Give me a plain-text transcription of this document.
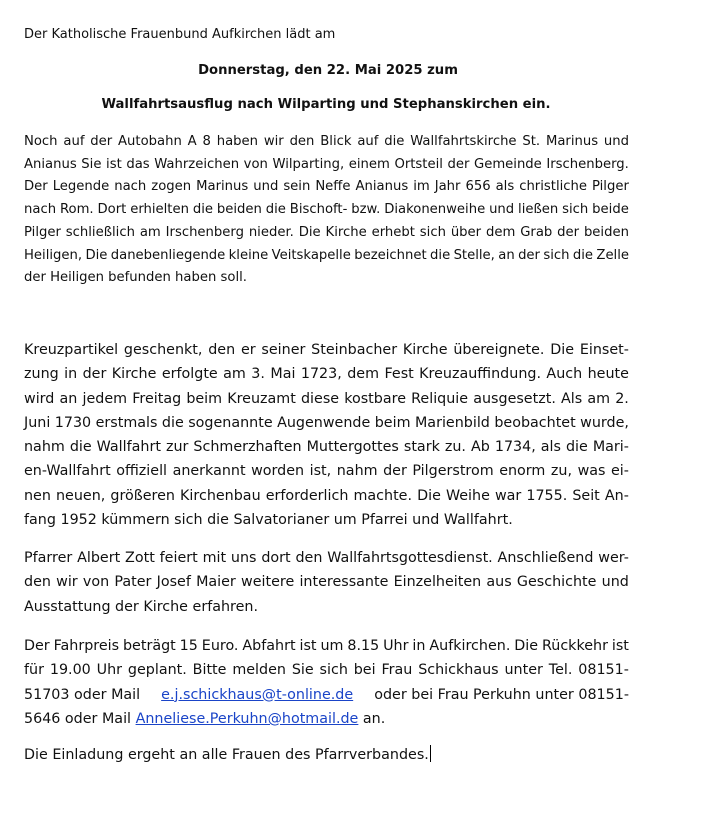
Der Katholische Frauenbund Aufkirchen lädt am
Donnerstag, den 22. Mai 2025 zum
Wallfahrtsausflug nach Wilparting und Stephanskirchen ein.
Noch auf der Autobahn A 8 haben wir den Blick auf die Wallfahrtskirche St. Marinus und
Anianus Sie ist das Wahrzeichen von Wilparting, einem Ortsteil der Gemeinde Irschenberg.
Der Legende nach zogen Marinus und sein Neffe Anianus im Jahr 656 als christliche Pilger
nach Rom. Dort erhielten die beiden die Bischoft- bzw. Diakonenweihe und ließen sich beide
Pilger schließlich am Irschenberg nieder. Die Kirche erhebt sich über dem Grab der beiden
Heiligen, Die danebenliegende kleine Veitskapelle bezeichnet die Stelle, an der sich die Zelle
der Heiligen befunden haben soll.
Kreuzpartikel geschenkt, den er seiner Steinbacher Kirche übereignete. Die Einset-
zung in der Kirche erfolgte am 3. Mai 1723, dem Fest Kreuzauffindung. Auch heute
wird an jedem Freitag beim Kreuzamt diese kostbare Reliquie ausgesetzt. Als am 2.
Juni 1730 erstmals die sogenannte Augenwende beim Marienbild beobachtet wurde,
nahm die Wallfahrt zur Schmerzhaften Muttergottes stark zu. Ab 1734, als die Mari-
en-Wallfahrt offiziell anerkannt worden ist, nahm der Pilgerstrom enorm zu, was ei-
nen neuen, größeren Kirchenbau erforderlich machte. Die Weihe war 1755. Seit An-
fang 1952 kümmern sich die Salvatorianer um Pfarrei und Wallfahrt.
Pfarrer Albert Zott feiert mit uns dort den Wallfahrtsgottesdienst. Anschließend wer-
den wir von Pater Josef Maier weitere interessante Einzelheiten aus Geschichte und
Ausstattung der Kirche erfahren.
Der Fahrpreis beträgt 15 Euro. Abfahrt ist um 8.15 Uhr in Aufkirchen. Die Rückkehr ist
für 19.00 Uhr geplant. Bitte melden Sie sich bei Frau Schickhaus unter Tel. 08151-
51703 oder Mail e.j.schickhaus@t-online.de oder bei Frau Perkuhn unter 08151-
5646 oder Mail Anneliese.Perkuhn@hotmail.de an.
Die Einladung ergeht an alle Frauen des Pfarrverbandes.
